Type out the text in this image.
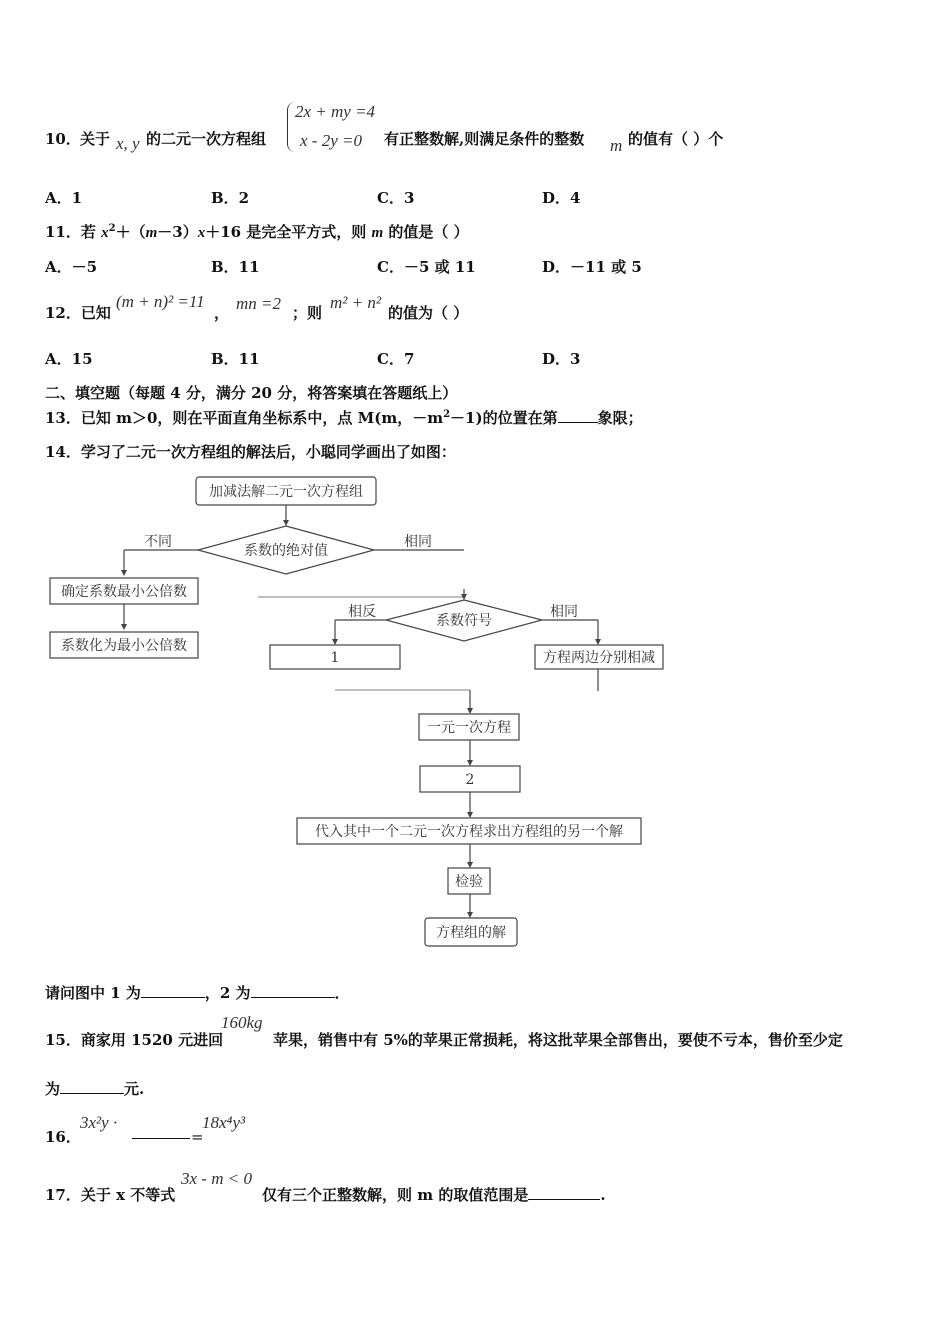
10． 关于 x, y 的二元一次方程组
2x + my =4
x - 2y =0 有正整数解,则满足条件的整数 m 的值有（ ）个
A．1	B．2	C．3	D．4
11．若 $x^2+(m-3)x+16$ 是完全平方式，则 m 的值是（ ）
A．－5	B．11	C．－5 或 11	D．－11 或 5
12．已知
(m + n)² =11
， mn =2 ；则
m² + n²
的值为（ ）
A．15	B．11	C．7	D．3
二、填空题（每题 4 分，满分 20 分，将答案填在答题纸上）
13．已知 m＞0，则在平面直角坐标系中，点 M(m，$-m^2-1$)的位置在第	象限；
14．学习了二元一次方程组的解法后，小聪同学画出了如图：
加减法解二元一次方程组
系数的绝对值
不同	相同
确定系数最小公倍数
系数化为最小公倍数
系数符号
相反	相同
1	方程两边分别相减
一元一次方程
2
代入其中一个二元一次方程求出方程组的另一个解
检验
方程组的解
请问图中 1 为	，2 为	．
15．商家用 1520 元进回
160kg
苹果，销售中有 5%的苹果正常损耗，将这批苹果全部售出，要使不亏本，售价至少定
为	元.
16．
3x²y ·
=
18x⁴y³
17．关于 x 不等式
3x - m < 0
仅有三个正整数解，则 m 的取值范围是	.
